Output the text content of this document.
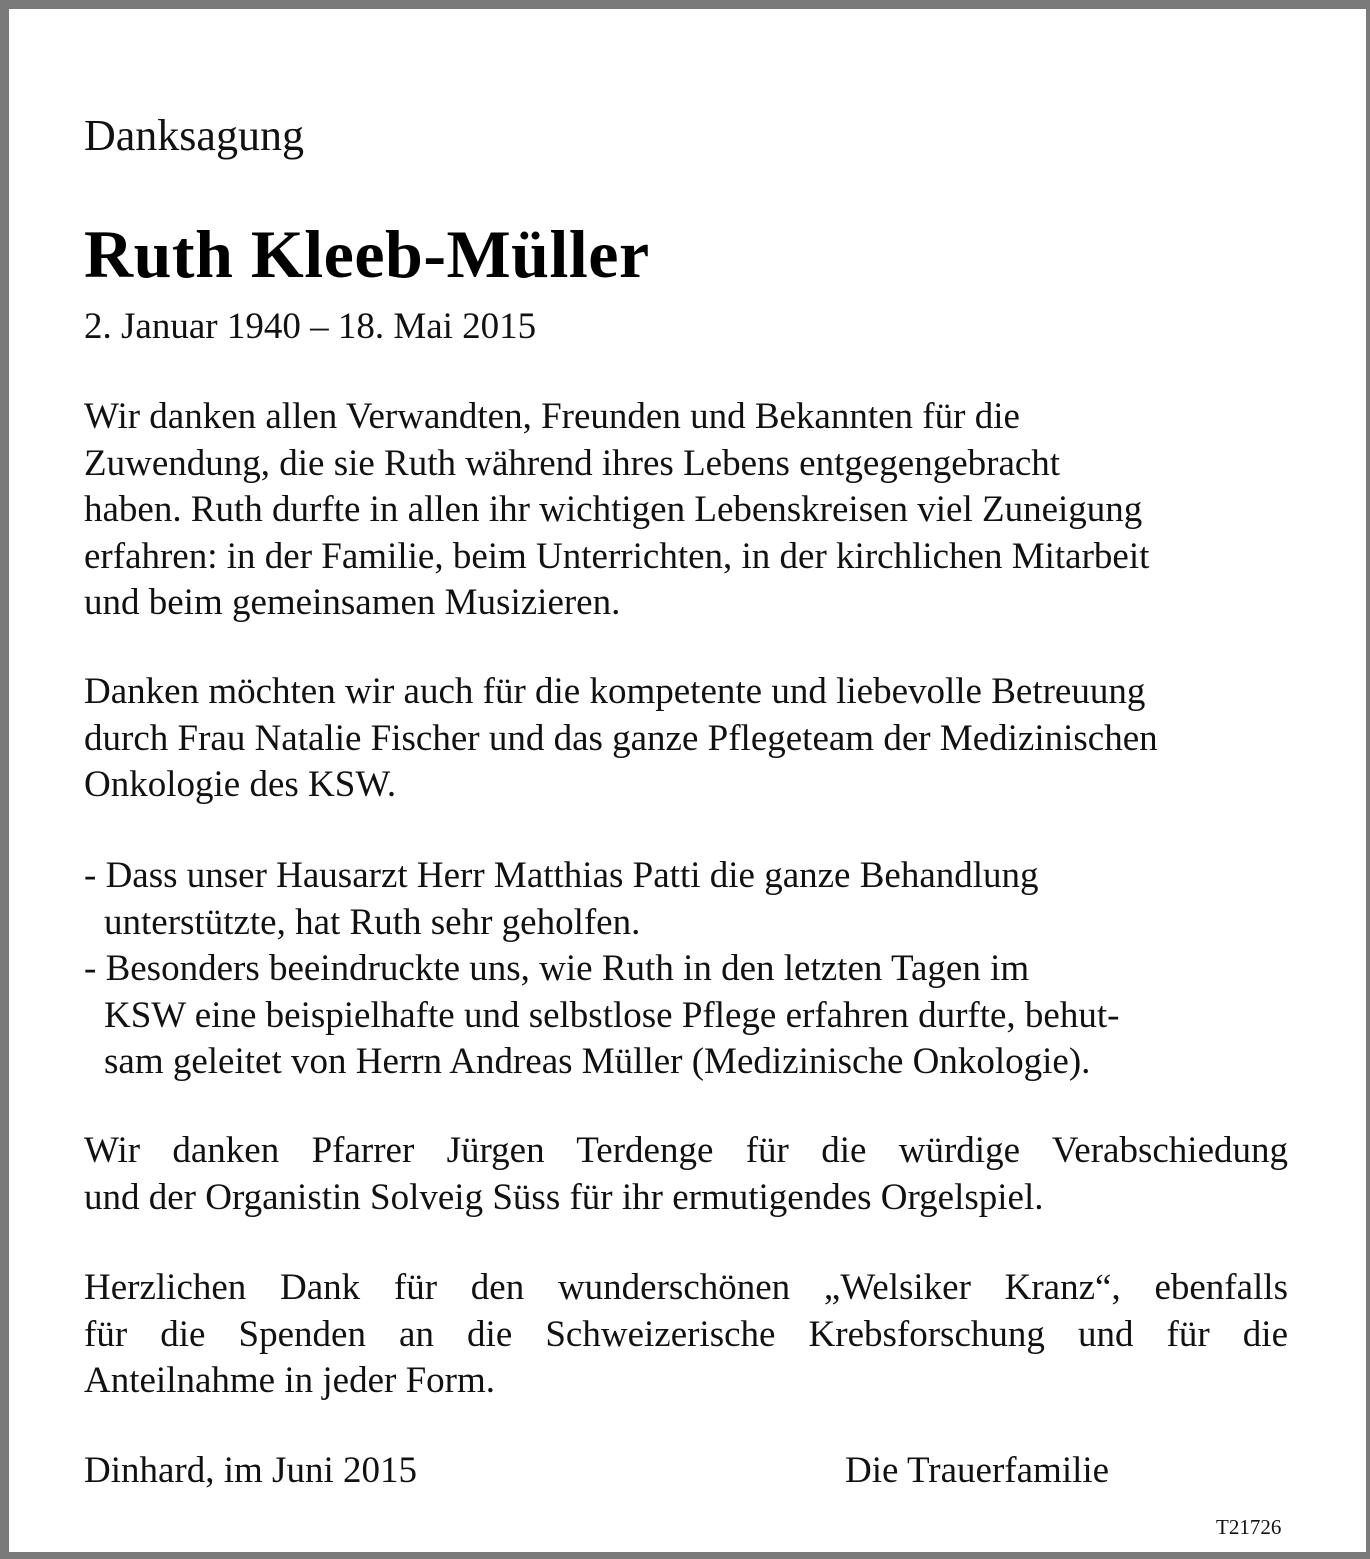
Danksagung
Ruth Kleeb-Müller
2. Januar 1940 – 18. Mai 2015
Wir danken allen Verwandten, Freunden und Bekannten für die
Zuwendung, die sie Ruth während ihres Lebens entgegengebracht
haben. Ruth durfte in allen ihr wichtigen Lebenskreisen viel Zuneigung
erfahren: in der Familie, beim Unterrichten, in der kirchlichen Mitarbeit
und beim gemeinsamen Musizieren.
Danken möchten wir auch für die kompetente und liebevolle Betreuung
durch Frau Natalie Fischer und das ganze Pflegeteam der Medizinischen
Onkologie des KSW.
- Dass unser Hausarzt Herr Matthias Patti die ganze Behandlung
unterstützte, hat Ruth sehr geholfen.
- Besonders beeindruckte uns, wie Ruth in den letzten Tagen im
KSW eine beispielhafte und selbstlose Pflege erfahren durfte, behut-
sam geleitet von Herrn Andreas Müller (Medizinische Onkologie).
Wir danken Pfarrer Jürgen Terdenge für die würdige Verabschiedung
und der Organistin Solveig Süss für ihr ermutigendes Orgelspiel.
Herzlichen Dank für den wunderschönen „Welsiker Kranz“, ebenfalls
für die Spenden an die Schweizerische Krebsforschung und für die
Anteilnahme in jeder Form.
Dinhard, im Juni 2015	Die Trauerfamilie
T21726
